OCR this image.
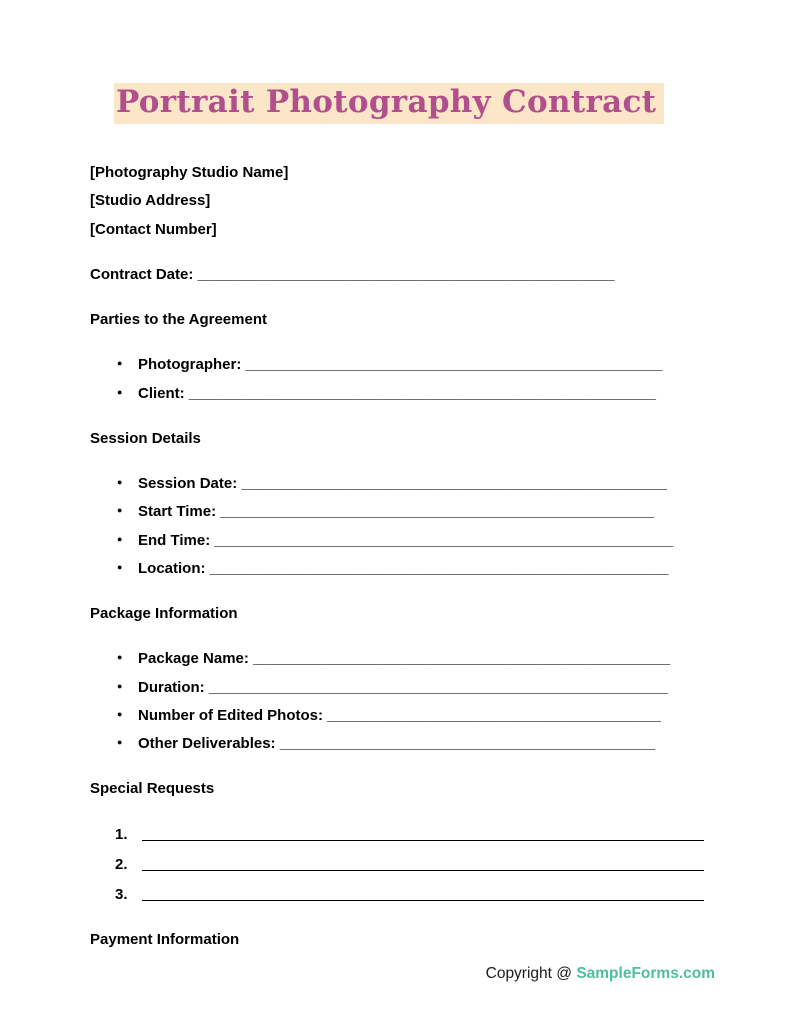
Portrait Photography Contract

[Photography Studio Name]

[Studio Address]

[Contact Number]

Contract Date: __________________________________________________
Parties to the Agreement
● Photographer: __________________________________________________
● Client: ________________________________________________________
Session Details
● Session Date: ___________________________________________________
● Start Time: ____________________________________________________
● End Time: _______________________________________________________
● Location: _______________________________________________________
Package Information
● Package Name: __________________________________________________
● Duration: _______________________________________________________
● Number of Edited Photos: ________________________________________
● Other Deliverables: _____________________________________________
Special Requests
1.
2.
3.
Payment Information
Copyright @ SampleForms.com
